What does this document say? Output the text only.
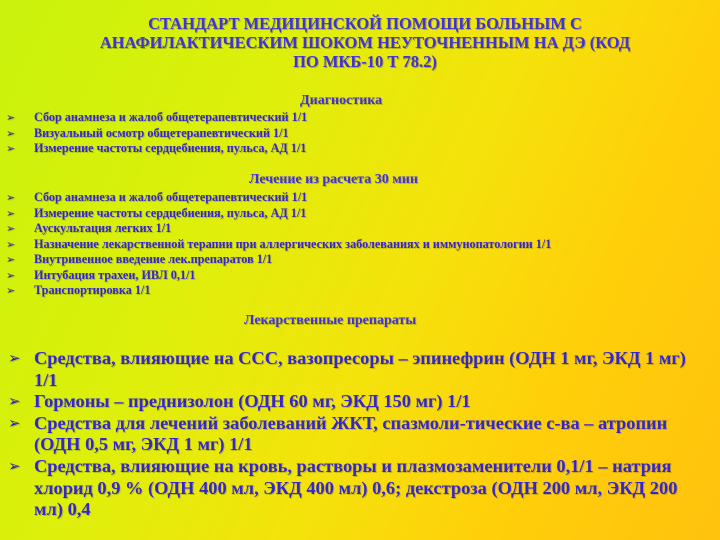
СТАНДАРТ МЕДИЦИНСКОЙ ПОМОЩИ БОЛЬНЫМ С
АНАФИЛАКТИЧЕСКИМ ШОКОМ НЕУТОЧНЕННЫМ НА ДЭ (КОД
ПО МКБ-10 Т 78.2)
Диагностика
➢ Сбор анамнеза и жалоб общетерапевтический 1/1
➢ Визуальный осмотр общетерапевтический 1/1
➢ Измерение частоты сердцебиения, пульса, АД 1/1
Лечение из расчета 30 мин
➢ Сбор анамнеза и жалоб общетерапевтический 1/1
➢ Измерение частоты сердцебиения, пульса, АД 1/1
➢ Аускультация легких 1/1
➢ Назначение лекарственной терапии при аллергических заболеваниях и иммунопатологии 1/1
➢ Внутривенное введение лек.препаратов 1/1
➢ Интубация трахеи, ИВЛ 0,1/1
➢ Транспортировка 1/1
Лекарственные препараты
➢ Средства, влияющие на ССС, вазопресоры – эпинефрин (ОДН 1 мг, ЭКД 1 мг) 1/1
➢ Гормоны – преднизолон (ОДН 60 мг, ЭКД 150 мг) 1/1
➢ Средства для лечений заболеваний ЖКТ, спазмоли-тические с-ва – атропин (ОДН 0,5 мг, ЭКД 1 мг) 1/1
➢ Средства, влияющие на кровь, растворы и плазмозаменители 0,1/1 – натрия хлорид 0,9 % (ОДН 400 мл, ЭКД 400 мл) 0,6; декстроза (ОДН 200 мл, ЭКД 200 мл) 0,4
